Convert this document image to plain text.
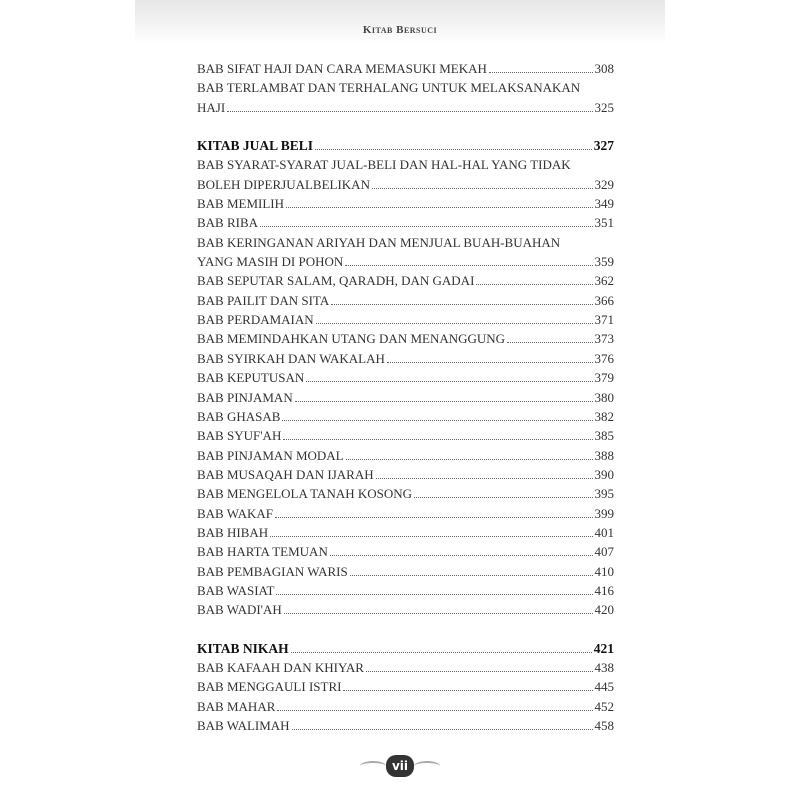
Kitab Bersuci
BAB SIFAT HAJI DAN CARA MEMASUKI MEKAH	308
BAB TERLAMBAT DAN TERHALANG UNTUK MELAKSANAKAN
HAJI	325
KITAB JUAL BELI	327
BAB SYARAT-SYARAT JUAL-BELI DAN HAL-HAL YANG TIDAK
BOLEH DIPERJUALBELIKAN	329
BAB MEMILIH	349
BAB RIBA	351
BAB KERINGANAN ARIYAH DAN MENJUAL BUAH-BUAHAN
YANG MASIH DI POHON	359
BAB SEPUTAR SALAM, QARADH, DAN GADAI	362
BAB PAILIT DAN SITA	366
BAB PERDAMAIAN	371
BAB MEMINDAHKAN UTANG DAN MENANGGUNG	373
BAB SYIRKAH DAN WAKALAH	376
BAB KEPUTUSAN	379
BAB PINJAMAN	380
BAB GHASAB	382
BAB SYUF'AH	385
BAB PINJAMAN MODAL	388
BAB MUSAQAH DAN IJARAH	390
BAB MENGELOLA TANAH KOSONG	395
BAB WAKAF	399
BAB HIBAH	401
BAB HARTA TEMUAN	407
BAB PEMBAGIAN WARIS	410
BAB WASIAT	416
BAB WADI'AH	420
KITAB NIKAH	421
BAB KAFAAH DAN KHIYAR	438
BAB MENGGAULI ISTRI	445
BAB MAHAR	452
BAB WALIMAH	458
vii
